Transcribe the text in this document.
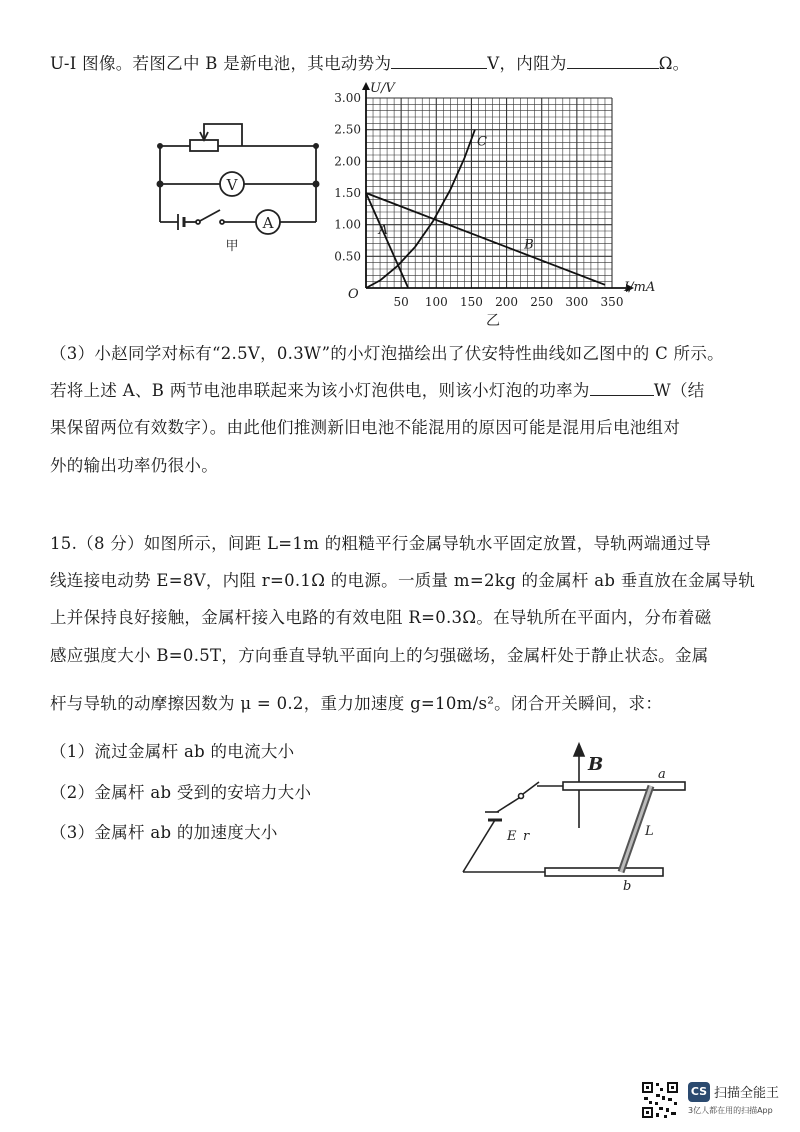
U-I 图像。若图乙中 B 是新电池，其电动势为	V，内阻为	Ω。
V
A
甲
50 100 150 200 250 300 350
0.50
1.00
1.50
2.00
2.50
3.00
A
B
C
U/V
I/mA
O
乙
（3）小赵同学对标有“2.5V，0.3W”的小灯泡描绘出了伏安特性曲线如乙图中的 C 所示。
若将上述 A、B 两节电池串联起来为该小灯泡供电，则该小灯泡的功率为	W（结
果保留两位有效数字）。由此他们推测新旧电池不能混用的原因可能是混用后电池组对
外的输出功率仍很小。
15.（8 分）如图所示，间距 L=1m 的粗糙平行金属导轨水平固定放置，导轨两端通过导
线连接电动势 E=8V，内阻 r=0.1Ω 的电源。一质量 m=2kg 的金属杆 ab 垂直放在金属导轨
上并保持良好接触，金属杆接入电路的有效电阻 R=0.3Ω。在导轨所在平面内，分布着磁
感应强度大小 B=0.5T，方向垂直导轨平面向上的匀强磁场，金属杆处于静止状态。金属
杆与导轨的动摩擦因数为 μ = 0.2，重力加速度 g=10m/s²。闭合开关瞬间，求：
（1）流过金属杆 ab 的电流大小
（2）金属杆 ab 受到的安培力大小
（3）金属杆 ab 的加速度大小
B	a
b
L
E r
CS 扫描全能王
3亿人都在用的扫描App
